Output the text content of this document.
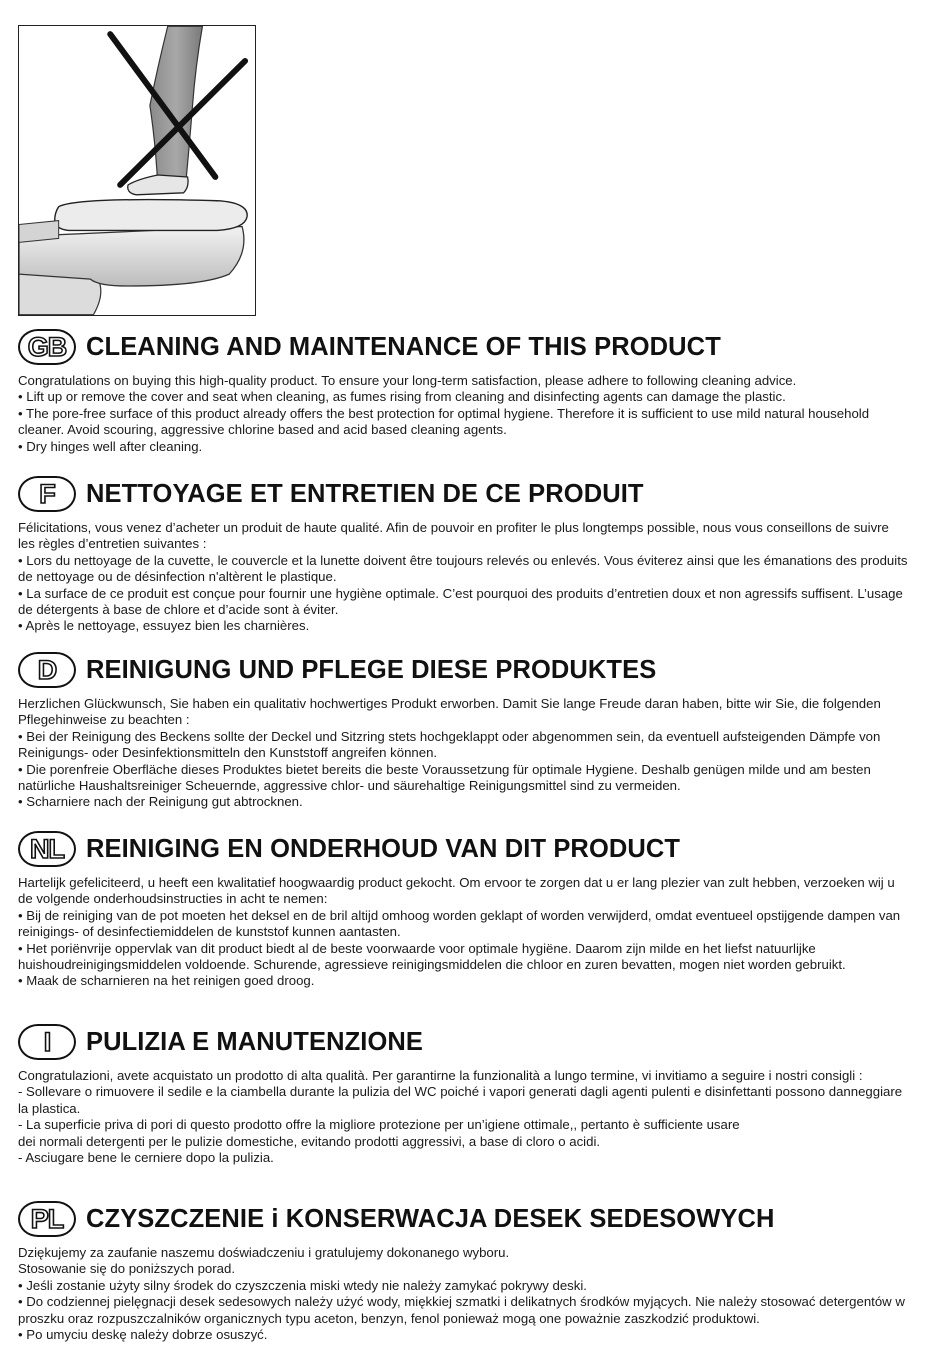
GB CLEANING AND MAINTENANCE OF THIS PRODUCT

Congratulations on buying this high-quality product. To ensure your long-term satisfaction, please adhere to following cleaning advice.

• Lift up or remove the cover and seat when cleaning, as fumes rising from cleaning and disinfecting agents can damage the plastic.

• The pore-free surface of this product already offers the best protection for optimal hygiene. Therefore it is sufficient to use mild natural household cleaner. Avoid scouring, aggressive chlorine based and acid based cleaning agents.

• Dry hinges well after cleaning.

F NETTOYAGE ET ENTRETIEN DE CE PRODUIT

Félicitations, vous venez d’acheter un produit de haute qualité. Afin de pouvoir en profiter le plus longtemps possible, nous vous conseillons de suivre les règles d’entretien suivantes :

• Lors du nettoyage de la cuvette, le couvercle et la lunette doivent être toujours relevés ou enlevés. Vous éviterez ainsi que les émanations des produits de nettoyage ou de désinfection n'altèrent le plastique.

• La surface de ce produit est conçue pour fournir une hygiène optimale. C’est pourquoi des produits d’entretien doux et non agressifs suffisent. L’usage de détergents à base de chlore et d’acide sont à éviter.

• Après le nettoyage, essuyez bien les charnières.

D REINIGUNG UND PFLEGE DIESE PRODUKTES

Herzlichen Glückwunsch, Sie haben ein qualitativ hochwertiges Produkt erworben. Damit Sie lange Freude daran haben, bitte wir Sie, die folgenden Pflegehinweise zu beachten :

• Bei der Reinigung des Beckens sollte der Deckel und Sitzring stets hochgeklappt oder abgenommen sein, da eventuell aufsteigenden Dämpfe von Reinigungs- oder Desinfektionsmitteln den Kunststoff angreifen können.

• Die porenfreie Oberfläche dieses Produktes bietet bereits die beste Voraussetzung für optimale Hygiene. Deshalb genügen milde und am besten natürliche Haushaltsreiniger Scheuernde, aggressive chlor- und säurehaltige Reinigungsmittel sind zu vermeiden.

• Scharniere nach der Reinigung gut abtrocknen.

NL REINIGING EN ONDERHOUD VAN DIT PRODUCT

Hartelijk gefeliciteerd, u heeft een kwalitatief hoogwaardig product gekocht. Om ervoor te zorgen dat u er lang plezier van zult hebben, verzoeken wij u de volgende onderhoudsinstructies in acht te nemen:

• Bij de reiniging van de pot moeten het deksel en de bril altijd omhoog worden geklapt of worden verwijderd, omdat eventueel opstijgende dampen van reinigings- of desinfectiemiddelen de kunststof kunnen aantasten.

• Het poriënvrije oppervlak van dit product biedt al de beste voorwaarde voor optimale hygiëne. Daarom zijn milde en het liefst natuurlijke huishoudreinigingsmiddelen voldoende. Schurende, agressieve reinigingsmiddelen die chloor en zuren bevatten, mogen niet worden gebruikt.

• Maak de scharnieren na het reinigen goed droog.

I PULIZIA E MANUTENZIONE

Congratulazioni, avete acquistato un prodotto di alta qualità. Per garantirne la funzionalità a lungo termine, vi invitiamo a seguire i nostri consigli :

- Sollevare o rimuovere il sedile e la ciambella durante la pulizia del WC poiché i vapori generati dagli agenti pulenti e disinfettanti possono danneggiare la plastica.

- La superficie priva di pori di questo prodotto offre la migliore protezione per un’igiene ottimale,, pertanto è sufficiente usare

dei normali detergenti per le pulizie domestiche, evitando prodotti aggressivi, a base di cloro o acidi.

- Asciugare bene le cerniere dopo la pulizia.

PL CZYSZCZENIE i KONSERWACJA DESEK SEDESOWYCH

Dziękujemy za zaufanie naszemu doświadczeniu i gratulujemy dokonanego wyboru.

Stosowanie się do poniższych porad.

• Jeśli zostanie użyty silny środek do czyszczenia miski wtedy nie należy zamykać pokrywy deski.

• Do codziennej pielęgnacji desek sedesowych należy użyć wody, miękkiej szmatki i delikatnych środków myjących. Nie należy stosować detergentów w proszku oraz rozpuszczalników organicznych typu aceton, benzyn, fenol ponieważ mogą one poważnie zaszkodzić produktowi.

• Po umyciu deskę należy dobrze osuszyć.
